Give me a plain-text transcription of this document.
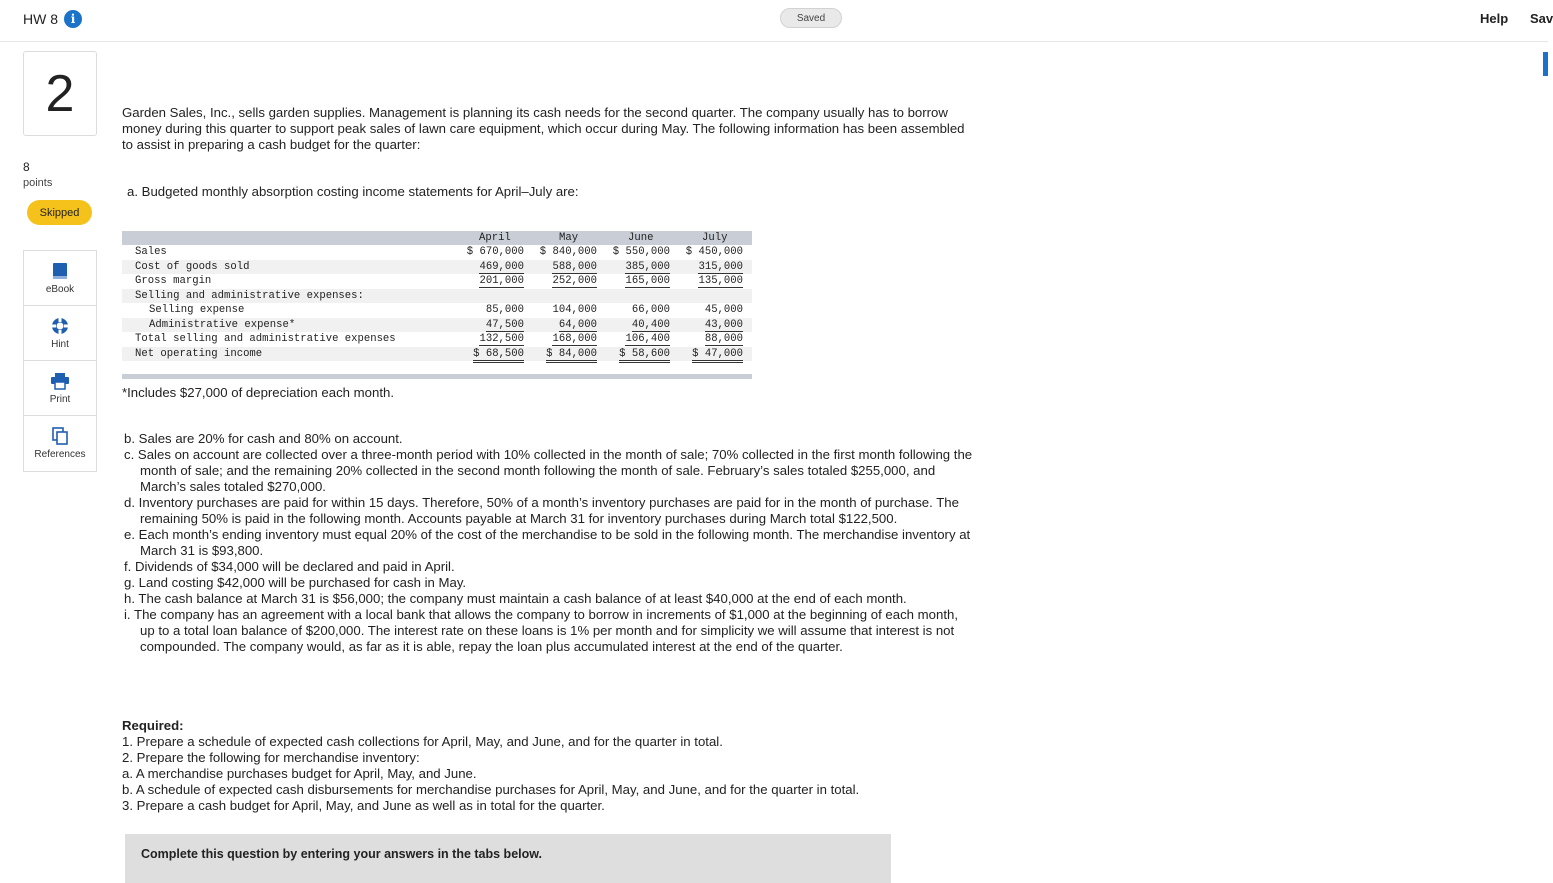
HW 8	i	Saved	Help Sav
2
8
points
Skipped
eBook
Hint
Print
References
Garden Sales, Inc., sells garden supplies. Management is planning its cash needs for the second quarter. The company usually has to borrow money during this quarter to support peak sales of lawn care equipment, which occur during May. The following information has been assembled to assist in preparing a cash budget for the quarter:
a. Budgeted monthly absorption costing income statements for April–July are:
April	May	June	July
Sales	$ 670,000 $ 840,000 $ 550,000 $ 450,000
Cost of goods sold	469,000	588,000	385,000	315,000
Gross margin	201,000	252,000	165,000	135,000
Selling and administrative expenses:
Selling expense	85,000	104,000	66,000	45,000
Administrative expense*	47,500	64,000	40,400	43,000
Total selling and administrative expenses	132,500	168,000	106,400	88,000
Net operating income	$ 68,500 $ 84,000 $ 58,600 $ 47,000
*Includes $27,000 of depreciation each month.
b. Sales are 20% for cash and 80% on account.
c. Sales on account are collected over a three-month period with 10% collected in the month of sale; 70% collected in the first month following the month of sale; and the remaining 20% collected in the second month following the month of sale. February’s sales totaled $255,000, and March’s sales totaled $270,000.
d. Inventory purchases are paid for within 15 days. Therefore, 50% of a month’s inventory purchases are paid for in the month of purchase. The remaining 50% is paid in the following month. Accounts payable at March 31 for inventory purchases during March total $122,500.
e. Each month’s ending inventory must equal 20% of the cost of the merchandise to be sold in the following month. The merchandise inventory at March 31 is $93,800.
f. Dividends of $34,000 will be declared and paid in April.
g. Land costing $42,000 will be purchased for cash in May.
h. The cash balance at March 31 is $56,000; the company must maintain a cash balance of at least $40,000 at the end of each month.
i. The company has an agreement with a local bank that allows the company to borrow in increments of $1,000 at the beginning of each month, up to a total loan balance of $200,000. The interest rate on these loans is 1% per month and for simplicity we will assume that interest is not compounded. The company would, as far as it is able, repay the loan plus accumulated interest at the end of the quarter.
Required:
1. Prepare a schedule of expected cash collections for April, May, and June, and for the quarter in total.
2. Prepare the following for merchandise inventory:
a. A merchandise purchases budget for April, May, and June.
b. A schedule of expected cash disbursements for merchandise purchases for April, May, and June, and for the quarter in total.
3. Prepare a cash budget for April, May, and June as well as in total for the quarter.
Complete this question by entering your answers in the tabs below.
